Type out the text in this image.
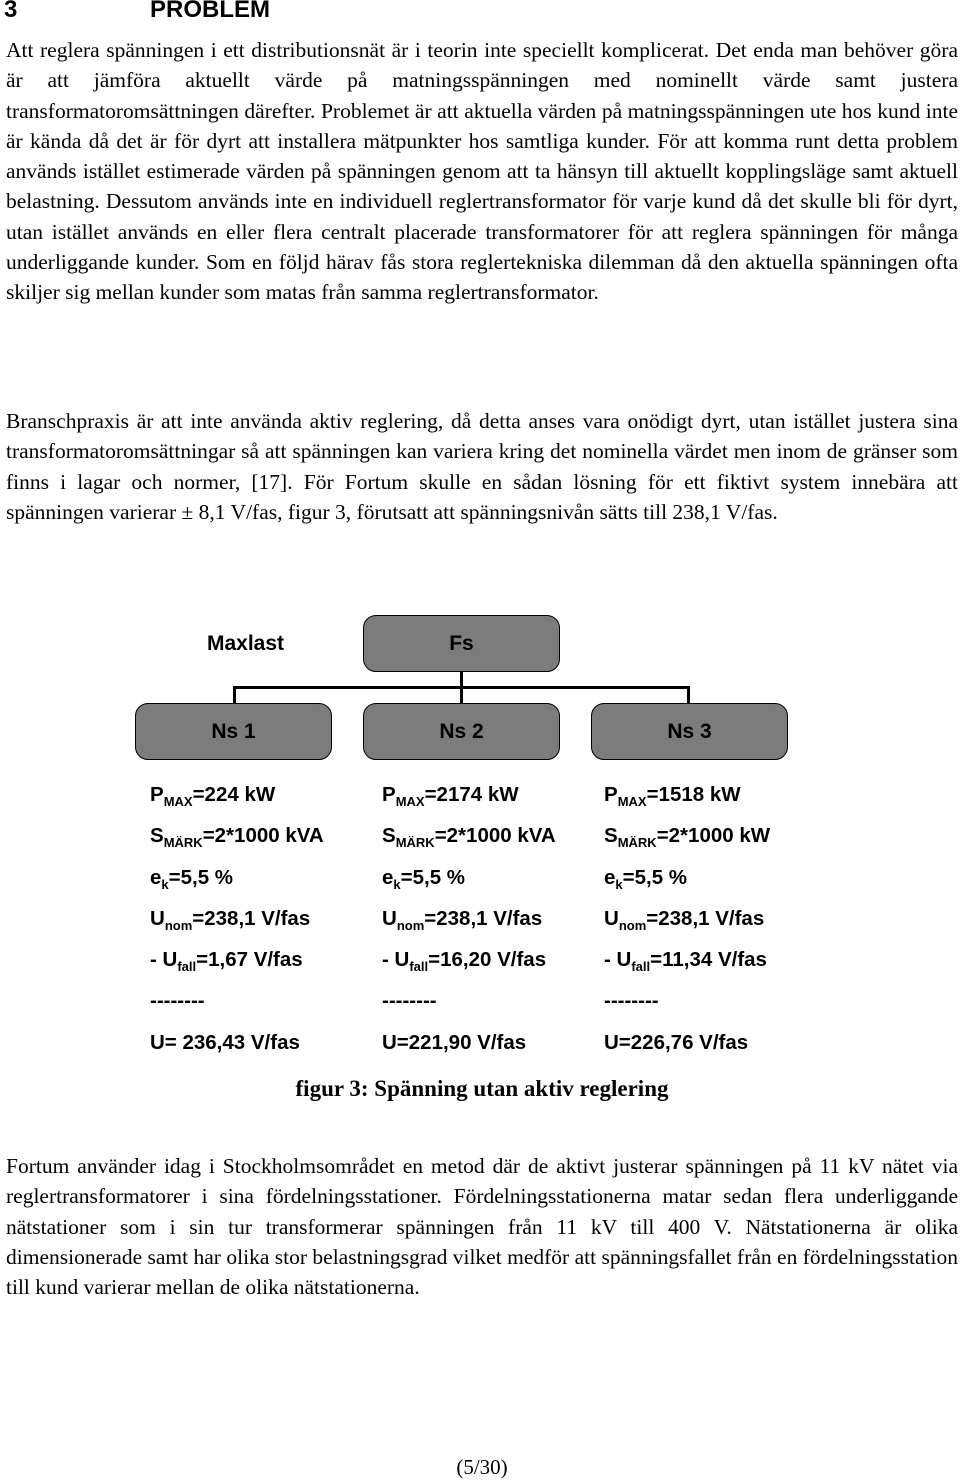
3	PROBLEM

Att reglera spänningen i ett distributionsnät är i teorin inte speciellt komplicerat. Det enda man behöver göra är att jämföra aktuellt värde på matningsspänningen med nominellt värde samt justera transformatoromsättningen därefter. Problemet är att aktuella värden på matningsspänningen ute hos kund inte är kända då det är för dyrt att installera mätpunkter hos samtliga kunder. För att komma runt detta problem används istället estimerade värden på spänningen genom att ta hänsyn till aktuellt kopplingsläge samt aktuell belastning. Dessutom används inte en individuell reglertransformator för varje kund då det skulle bli för dyrt, utan istället används en eller flera centralt placerade transformatorer för att reglera spänningen för många underliggande kunder. Som en följd härav fås stora reglertekniska dilemman då den aktuella spänningen ofta skiljer sig mellan kunder som matas från samma reglertransformator.

Branschpraxis är att inte använda aktiv reglering, då detta anses vara onödigt dyrt, utan istället justera sina transformatoromsättningar så att spänningen kan variera kring det nominella värdet men inom de gränser som finns i lagar och normer, [17]. För Fortum skulle en sådan lösning för ett fiktivt system innebära att spänningen varierar ± 8,1 V/fas, figur 3, förutsatt att spänningsnivån sätts till 238,1 V/fas.

Maxlast	Fs
Ns 1	Ns 2	Ns 3
$P_{MAX}=224$ kW
$S_{MÄRK}=2*1000$ kVA
$e_k=5,5$ %
$U_{nom}=238,1$ V/fas
- $U_{fall}=1,67$ V/fas
--------
U= 236,43 V/fas
$P_{MAX}=2174$ kW
$S_{MÄRK}=2*1000$ kVA
$e_k=5,5$ %
$U_{nom}=238,1$ V/fas
- $U_{fall}=16,20$ V/fas
--------
U=221,90 V/fas
$P_{MAX}=1518$ kW
$S_{MÄRK}=2*1000$ kW
$e_k=5,5$ %
$U_{nom}=238,1$ V/fas
- $U_{fall}=11,34$ V/fas
--------
U=226,76 V/fas
figur 3: Spänning utan aktiv reglering

Fortum använder idag i Stockholmsområdet en metod där de aktivt justerar spänningen på 11 kV nätet via reglertransformatorer i sina fördelningsstationer. Fördelningsstationerna matar sedan flera underliggande nätstationer som i sin tur transformerar spänningen från 11 kV till 400 V. Nätstationerna är olika dimensionerade samt har olika stor belastningsgrad vilket medför att spänningsfallet från en fördelningsstation till kund varierar mellan de olika nätstationerna.

(5/30)
